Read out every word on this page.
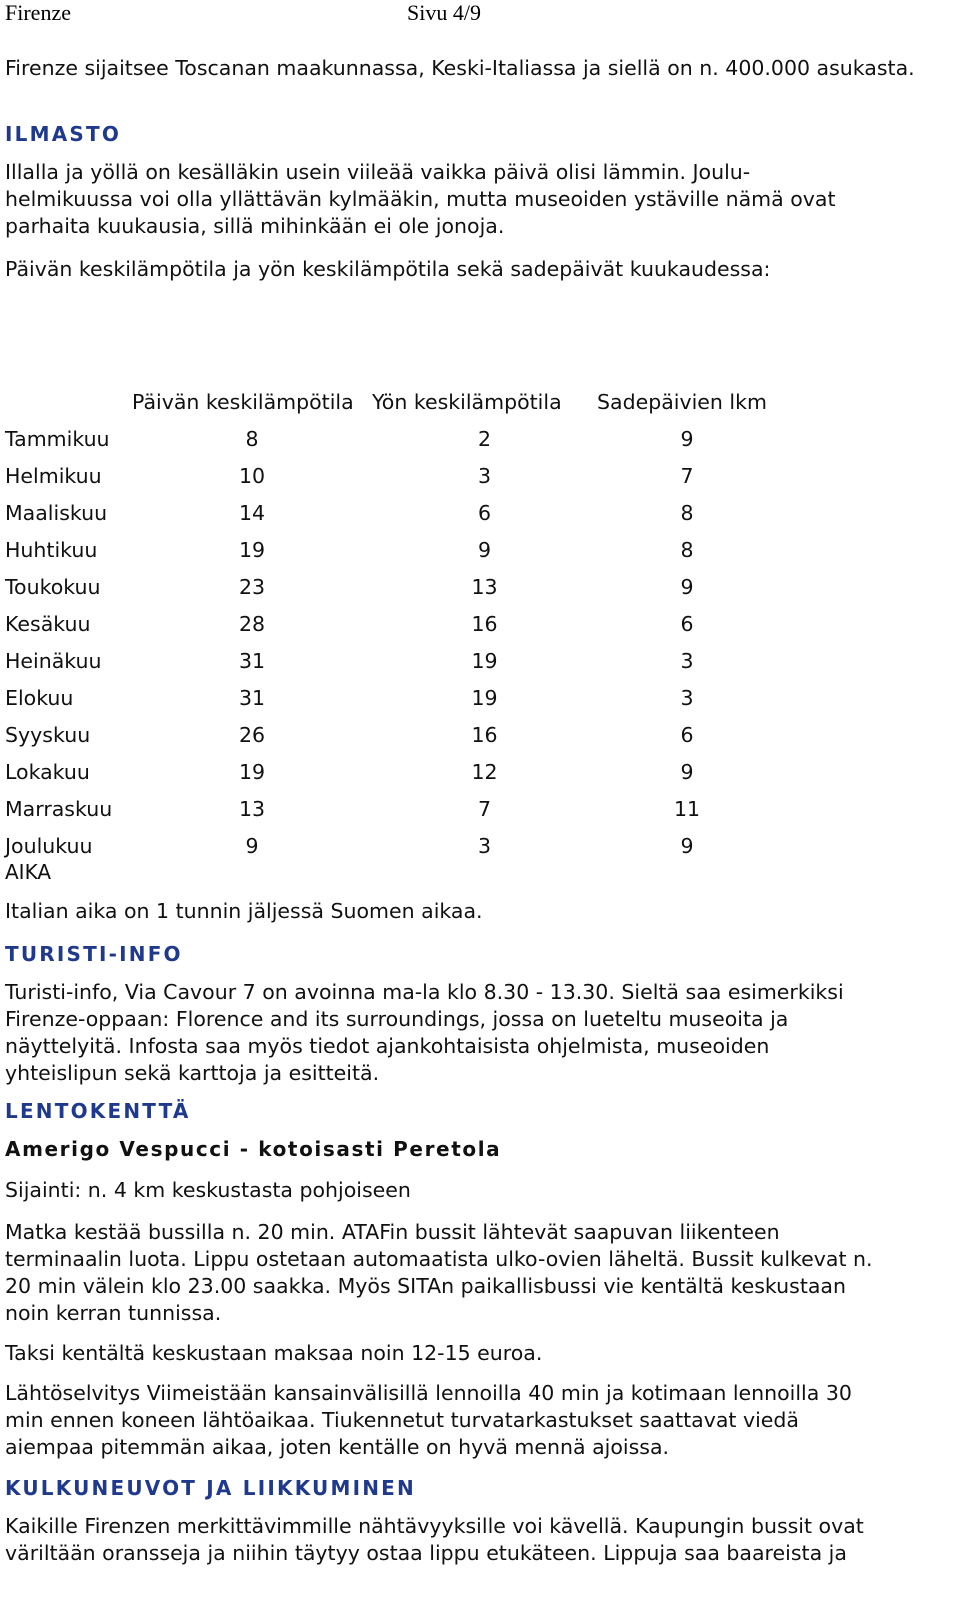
Firenze	Sivu 4/9

Firenze sijaitsee Toscanan maakunnassa, Keski-Italiassa ja siellä on n. 400.000 asukasta.

ILMASTO
Illalla ja yöllä on kesälläkin usein viileää vaikka päivä olisi lämmin. Joulu-
helmikuussa voi olla yllättävän kylmääkin, mutta museoiden ystäville nämä ovat
parhaita kuukausia, sillä mihinkään ei ole jonoja.

Päivän keskilämpötila ja yön keskilämpötila sekä sadepäivät kuukaudessa:

	Päivän keskilämpötila	Yön keskilämpötila	Sadepäivien lkm
Tammikuu	8	2	9
Helmikuu	10	3	7
Maaliskuu	14	6	8
Huhtikuu	19	9	8
Toukokuu	23	13	9
Kesäkuu	28	16	6
Heinäkuu	31	19	3
Elokuu	31	19	3
Syyskuu	26	16	6
Lokakuu	19	12	9
Marraskuu	13	7	11
Joulukuu	9	3	9
AIKA

Italian aika on 1 tunnin jäljessä Suomen aikaa.

TURISTI-INFO
Turisti-info, Via Cavour 7 on avoinna ma-la klo 8.30 - 13.30. Sieltä saa esimerkiksi
Firenze-oppaan: Florence and its surroundings, jossa on lueteltu museoita ja
näyttelyitä. Infosta saa myös tiedot ajankohtaisista ohjelmista, museoiden
yhteislipun sekä karttoja ja esitteitä.
LENTOKENTTÄ
Amerigo Vespucci - kotoisasti Peretola

Sijainti: n. 4 km keskustasta pohjoiseen

Matka kestää bussilla n. 20 min. ATAFin bussit lähtevät saapuvan liikenteen
terminaalin luota. Lippu ostetaan automaatista ulko-ovien läheltä. Bussit kulkevat n.
20 min välein klo 23.00 saakka. Myös SITAn paikallisbussi vie kentältä keskustaan
noin kerran tunnissa.

Taksi kentältä keskustaan maksaa noin 12-15 euroa.

Lähtöselvitys Viimeistään kansainvälisillä lennoilla 40 min ja kotimaan lennoilla 30
min ennen koneen lähtöaikaa. Tiukennetut turvatarkastukset saattavat viedä
aiempaa pitemmän aikaa, joten kentälle on hyvä mennä ajoissa.
KULKUNEUVOT JA LIIKKUMINEN
Kaikille Firenzen merkittävimmille nähtävyyksille voi kävellä. Kaupungin bussit ovat
väriltään oransseja ja niihin täytyy ostaa lippu etukäteen. Lippuja saa baareista ja
